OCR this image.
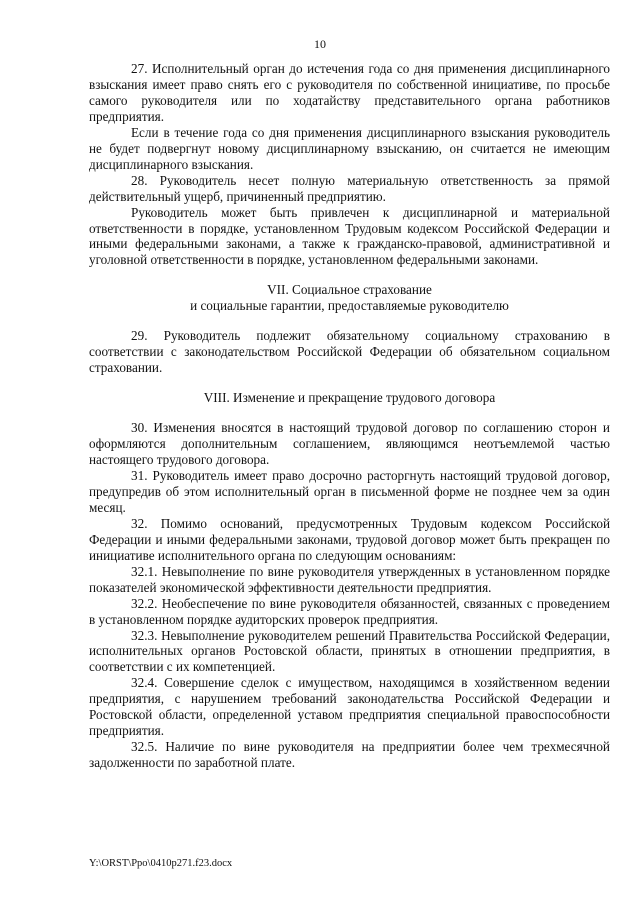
10

27. Исполнительный орган до истечения года со дня применения дисциплинарного взыскания имеет право снять его с руководителя по собственной инициативе, по просьбе самого руководителя или по ходатайству представительного органа работников предприятия.

Если в течение года со дня применения дисциплинарного взыскания руководитель не будет подвергнут новому дисциплинарному взысканию, он считается не имеющим дисциплинарного взыскания.

28. Руководитель несет полную материальную ответственность за прямой действительный ущерб, причиненный предприятию.

Руководитель может быть привлечен к дисциплинарной и материальной ответственности в порядке, установленном Трудовым кодексом Российской Федерации и иными федеральными законами, а также к гражданско-правовой, административной и уголовной ответственности в порядке, установленном федеральными законами.

VII. Социальное страхование

и социальные гарантии, предоставляемые руководителю

29. Руководитель подлежит обязательному социальному страхованию в соответствии с законодательством Российской Федерации об обязательном социальном страховании.

VIII. Изменение и прекращение трудового договора

30. Изменения вносятся в настоящий трудовой договор по соглашению сторон и оформляются дополнительным соглашением, являющимся неотъемлемой частью настоящего трудового договора.

31. Руководитель имеет право досрочно расторгнуть настоящий трудовой договор, предупредив об этом исполнительный орган в письменной форме не позднее чем за один месяц.

32. Помимо оснований, предусмотренных Трудовым кодексом Российской Федерации и иными федеральными законами, трудовой договор может быть прекращен по инициативе исполнительного органа по следующим основаниям:

32.1. Невыполнение по вине руководителя утвержденных в установленном порядке показателей экономической эффективности деятельности предприятия.

32.2. Необеспечение по вине руководителя обязанностей, связанных с проведением в установленном порядке аудиторских проверок предприятия.

32.3. Невыполнение руководителем решений Правительства Российской Федерации, исполнительных органов Ростовской области, принятых в отношении предприятия, в соответствии с их компетенцией.

32.4. Совершение сделок с имуществом, находящимся в хозяйственном ведении предприятия, с нарушением требований законодательства Российской Федерации и Ростовской области, определенной уставом предприятия специальной правоспособности предприятия.

32.5. Наличие по вине руководителя на предприятии более чем трехмесячной задолженности по заработной плате.

Y:\ORST\Ppo\0410p271.f23.docx
